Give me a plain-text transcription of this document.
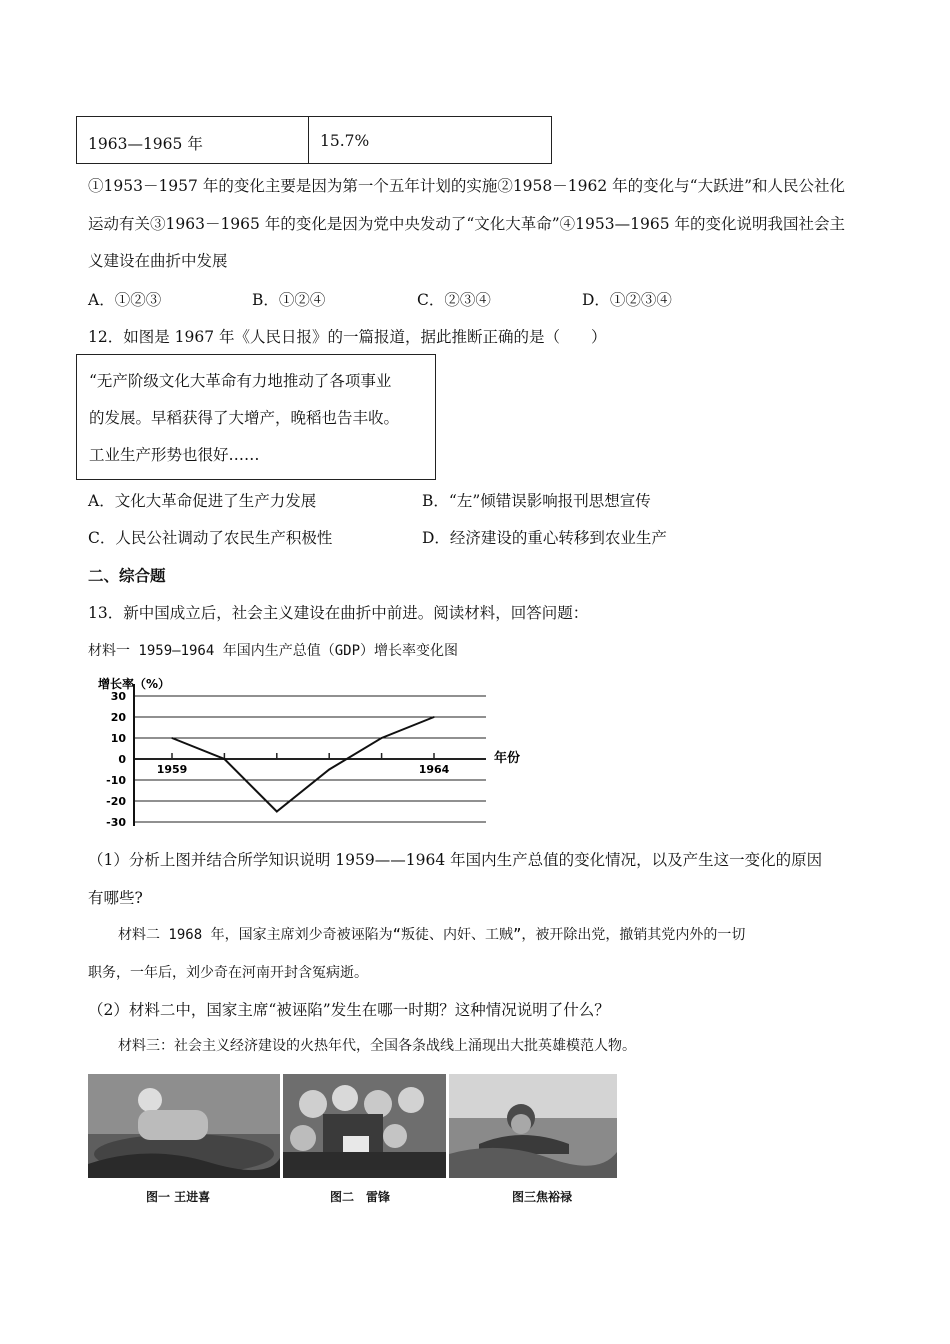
1963—1965 年	15.7%
①1953－1957 年的变化主要是因为第一个五年计划的实施②1958－1962 年的变化与“大跃进”和人民公社化
运动有关③1963－1965 年的变化是因为党中央发动了“文化大革命”④1953—1965 年的变化说明我国社会主
义建设在曲折中发展
A．①②③	B．①②④	C．②③④	D．①②③④
12．如图是 1967 年《人民日报》的一篇报道，据此推断正确的是（　　）
“无产阶级文化大革命有力地推动了各项事业
的发展。早稻获得了大增产，晚稻也告丰收。
工业生产形势也很好……
A．文化大革命促进了生产力发展	B．“左”倾错误影响报刊思想宣传
C．人民公社调动了农民生产积极性	D．经济建设的重心转移到农业生产
二、综合题
13．新中国成立后，社会主义建设在曲折中前进。阅读材料，回答问题：
材料一 1959—1964 年国内生产总值（GDP）增长率变化图
30
20
10
0
-10
-20
-30
1959	1964
增长率（%）
年份
（1）分析上图并结合所学知识说明 1959——1964 年国内生产总值的变化情况，以及产生这一变化的原因
有哪些?
材料二 1968 年，国家主席刘少奇被诬陷为“叛徒、内奸、工贼”，被开除出党，撤销其党内外的一切
职务，一年后，刘少奇在河南开封含冤病逝。
（2）材料二中，国家主席“被诬陷”发生在哪一时期？这种情况说明了什么？
材料三：社会主义经济建设的火热年代，全国各条战线上涌现出大批英雄模范人物。
图一 王进喜	图二　雷锋	图三焦裕禄
